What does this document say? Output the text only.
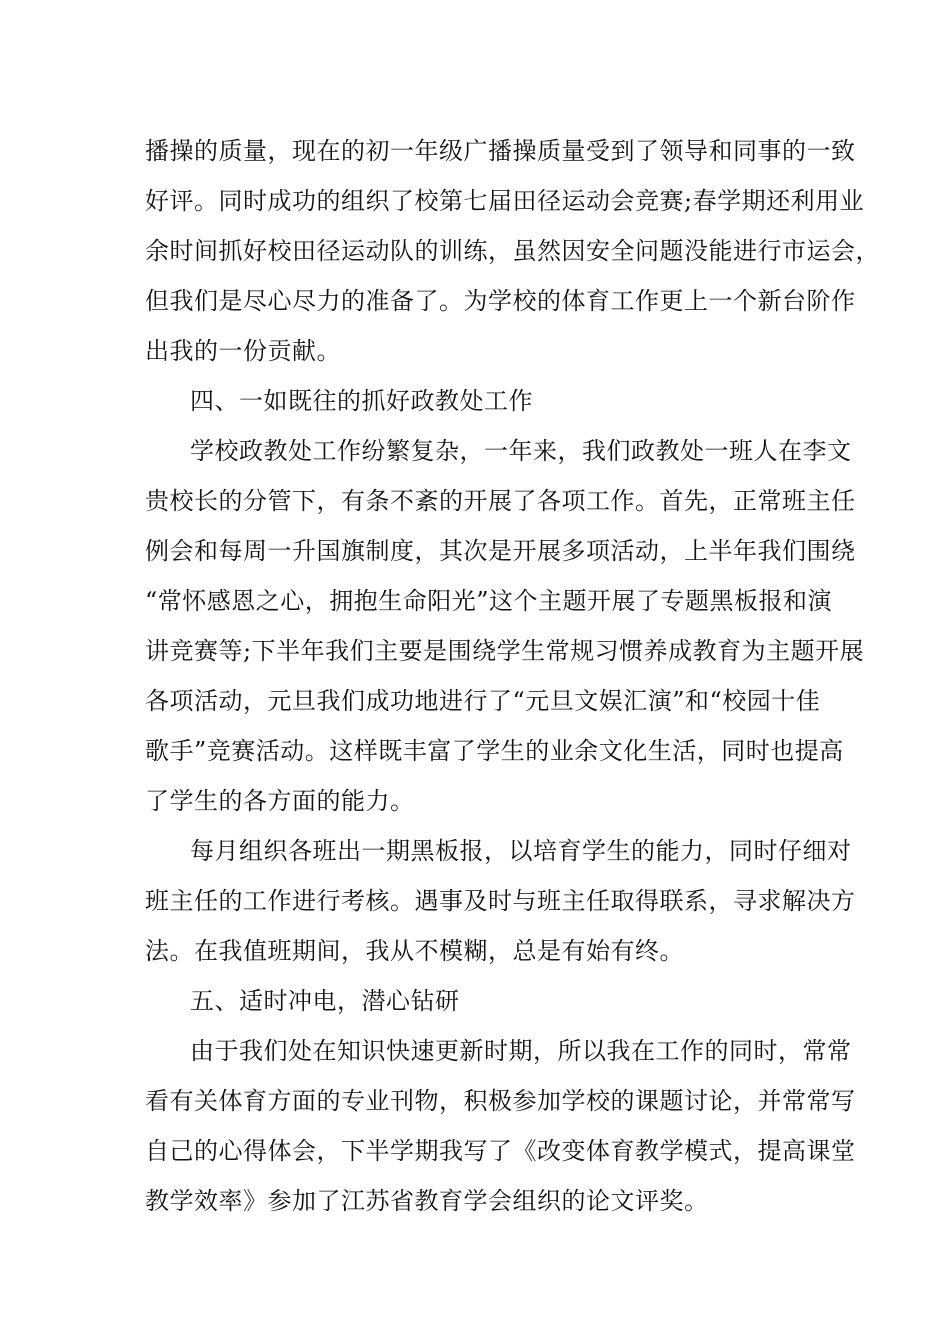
播操的质量，现在的初一年级广播操质量受到了领导和同事的一致
好评。同时成功的组织了校第七届田径运动会竞赛;春学期还利用业
余时间抓好校田径运动队的训练，虽然因安全问题没能进行市运会，
但我们是尽心尽力的准备了。为学校的体育工作更上一个新台阶作
出我的一份贡献。
四、一如既往的抓好政教处工作
学校政教处工作纷繁复杂，一年来，我们政教处一班人在李文
贵校长的分管下，有条不紊的开展了各项工作。首先，正常班主任
例会和每周一升国旗制度，其次是开展多项活动，上半年我们围绕
“常怀感恩之心，拥抱生命阳光”这个主题开展了专题黑板报和演
讲竞赛等;下半年我们主要是围绕学生常规习惯养成教育为主题开展
各项活动，元旦我们成功地进行了“元旦文娱汇演”和“校园十佳
歌手”竞赛活动。这样既丰富了学生的业余文化生活，同时也提高
了学生的各方面的能力。
每月组织各班出一期黑板报，以培育学生的能力，同时仔细对
班主任的工作进行考核。遇事及时与班主任取得联系，寻求解决方
法。在我值班期间，我从不模糊，总是有始有终。
五、适时冲电，潜心钻研
由于我们处在知识快速更新时期，所以我在工作的同时，常常
看有关体育方面的专业刊物，积极参加学校的课题讨论，并常常写
自己的心得体会，下半学期我写了《改变体育教学模式，提高课堂
教学效率》参加了江苏省教育学会组织的论文评奖。
